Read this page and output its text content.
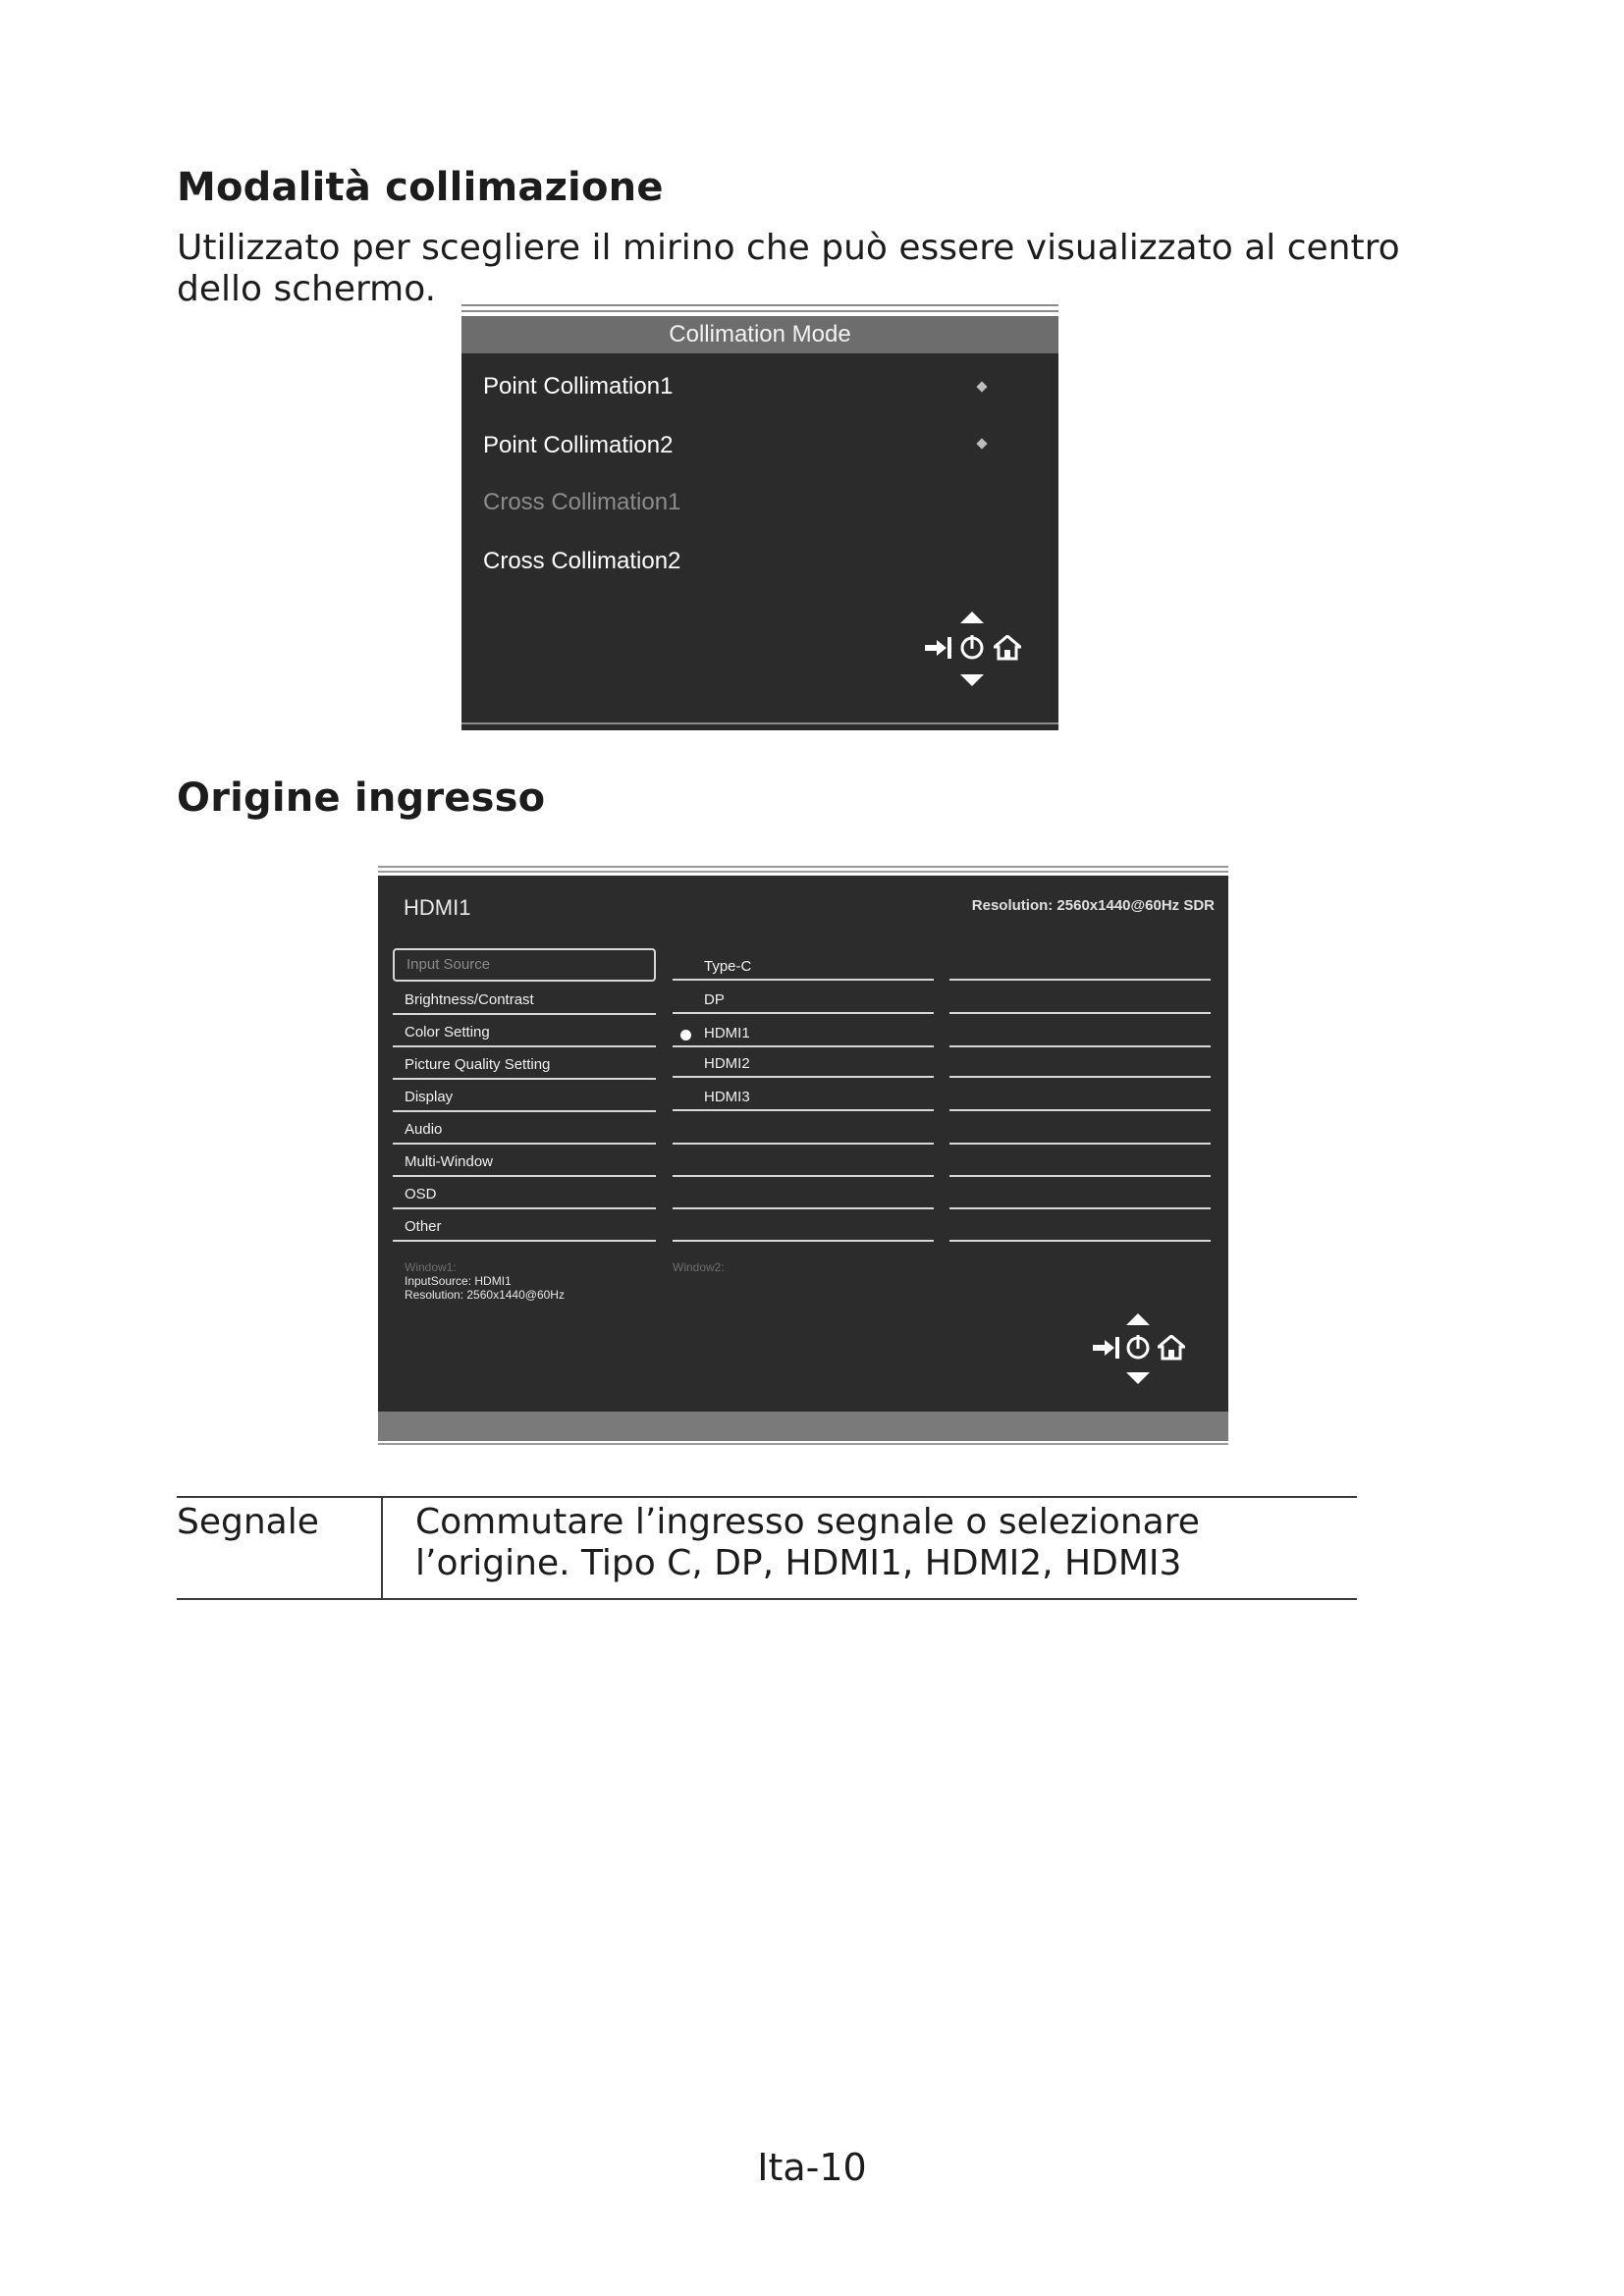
Modalità collimazione
Utilizzato per scegliere il mirino che può essere visualizzato al centro dello schermo.
Collimation Mode
Point Collimation1
Point Collimation2
Cross Collimation1
Cross Collimation2
Origine ingresso
HDMI1	Resolution: 2560x1440@60Hz SDR
Input Source
Brightness/Contrast
Color Setting
Picture Quality Setting
Display
Audio
Multi-Window
OSD
Other
Type-C
DP
HDMI1
HDMI2
HDMI3
Window1:
InputSource: HDMI1
Resolution: 2560x1440@60Hz
Window2:
Segnale	Commutare l’ingresso segnale o selezionare l’origine. Tipo C, DP, HDMI1, HDMI2, HDMI3
Ita-10
